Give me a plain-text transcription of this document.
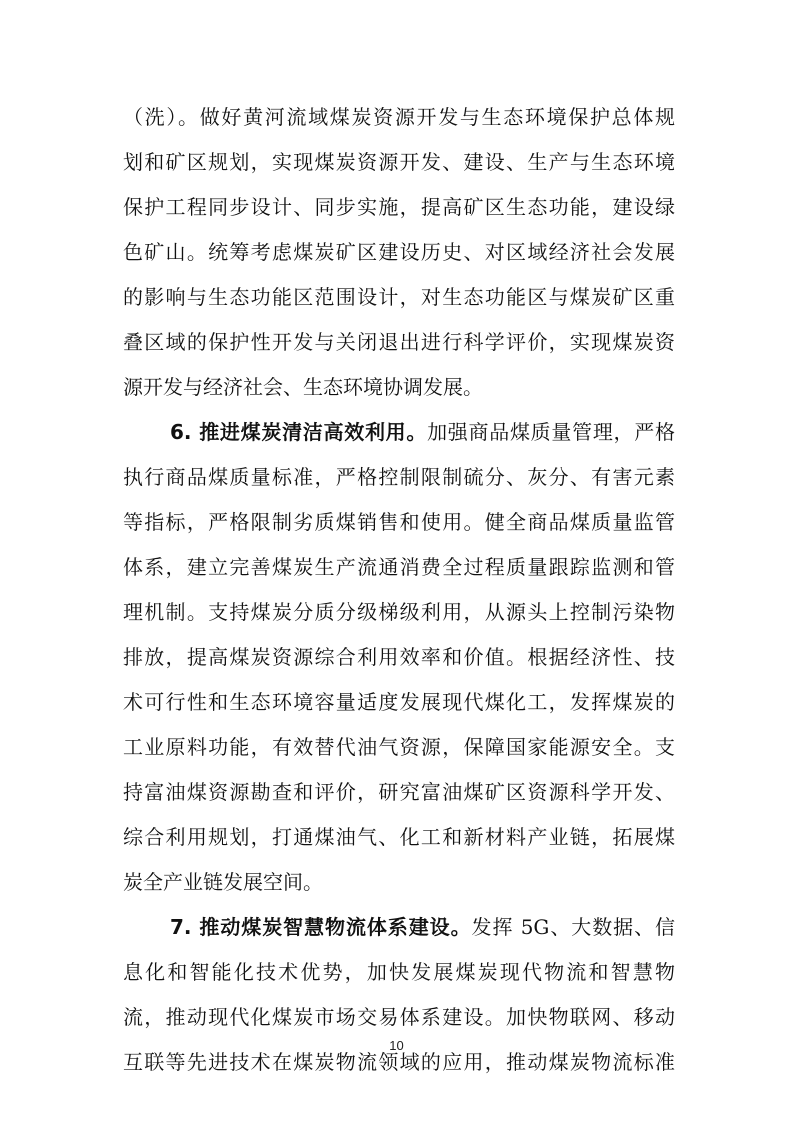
（洗）。做好黄河流域煤炭资源开发与生态环境保护总体规
划和矿区规划，实现煤炭资源开发、建设、生产与生态环境
保护工程同步设计、同步实施，提高矿区生态功能，建设绿
色矿山。统筹考虑煤炭矿区建设历史、对区域经济社会发展
的影响与生态功能区范围设计，对生态功能区与煤炭矿区重
叠区域的保护性开发与关闭退出进行科学评价，实现煤炭资
源开发与经济社会、生态环境协调发展。
6. 推进煤炭清洁高效利用。加强商品煤质量管理，严格
执行商品煤质量标准，严格控制限制硫分、灰分、有害元素
等指标，严格限制劣质煤销售和使用。健全商品煤质量监管
体系，建立完善煤炭生产流通消费全过程质量跟踪监测和管
理机制。支持煤炭分质分级梯级利用，从源头上控制污染物
排放，提高煤炭资源综合利用效率和价值。根据经济性、技
术可行性和生态环境容量适度发展现代煤化工，发挥煤炭的
工业原料功能，有效替代油气资源，保障国家能源安全。支
持富油煤资源勘查和评价，研究富油煤矿区资源科学开发、
综合利用规划，打通煤油气、化工和新材料产业链，拓展煤
炭全产业链发展空间。
7. 推动煤炭智慧物流体系建设。发挥 5G、大数据、信
息化和智能化技术优势，加快发展煤炭现代物流和智慧物
流，推动现代化煤炭市场交易体系建设。加快物联网、移动
互联等先进技术在煤炭物流领域的应用，推动煤炭物流标准
10
